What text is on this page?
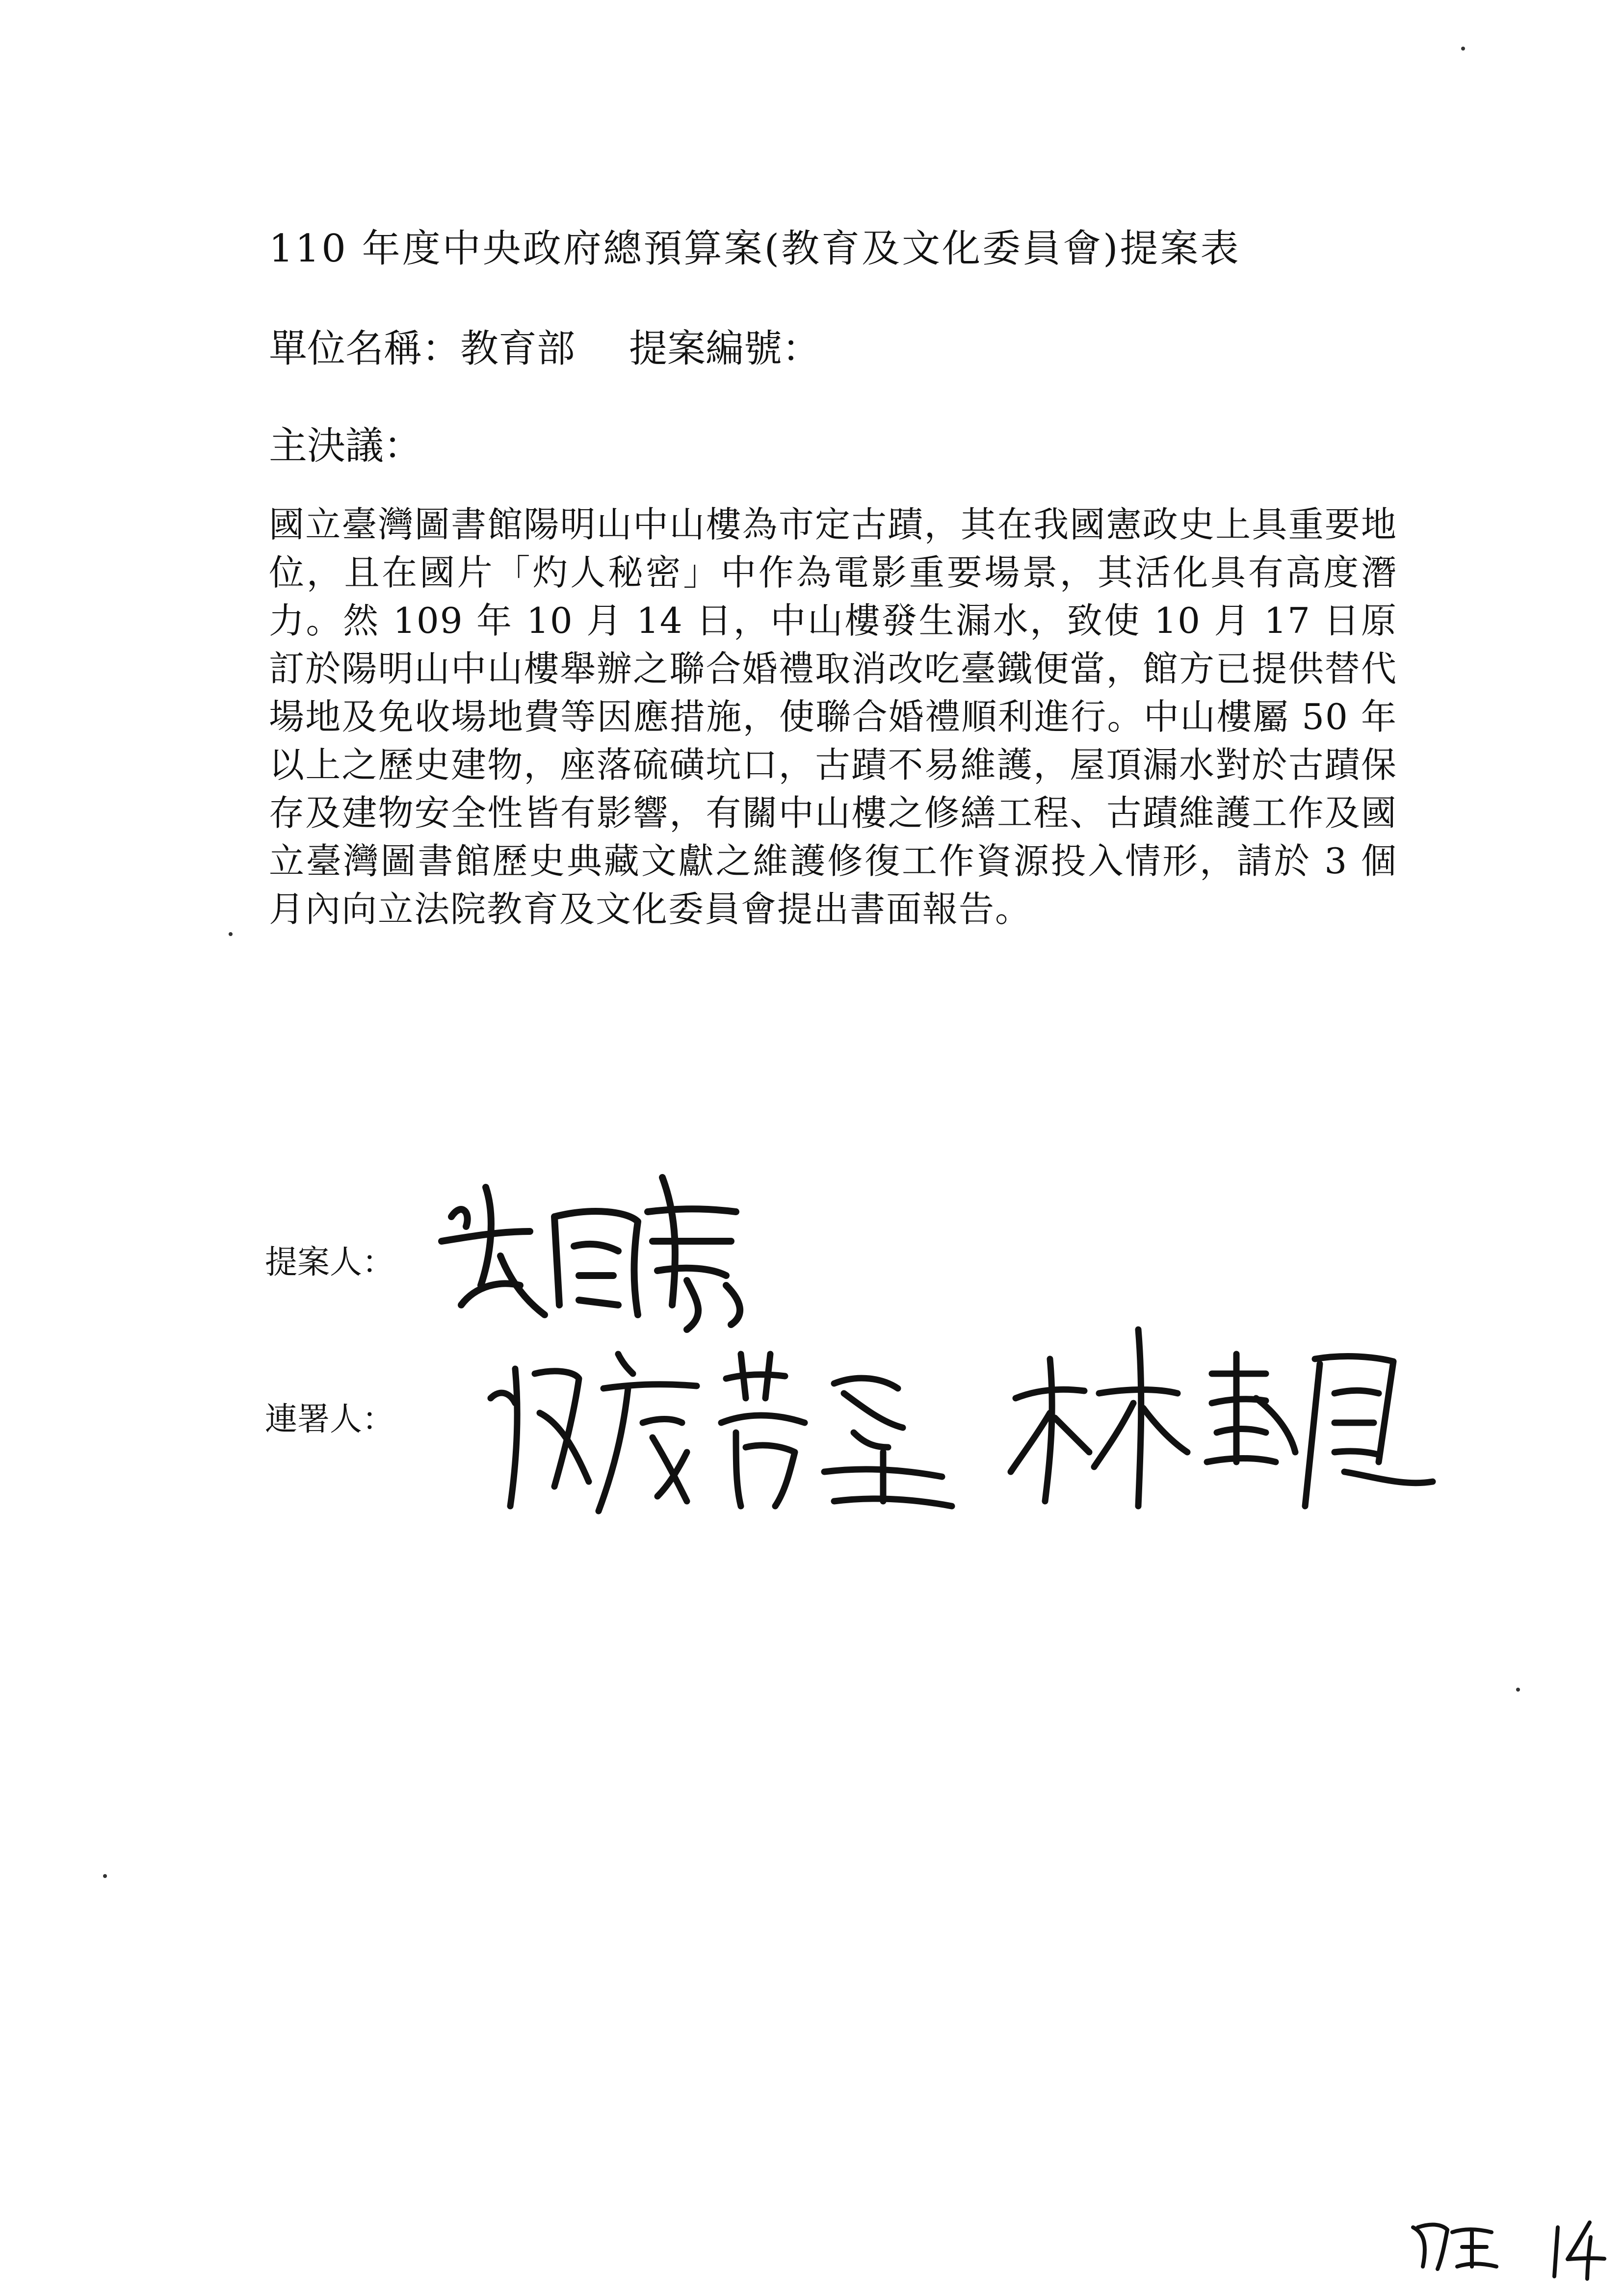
110 年度中央政府總預算案(教育及文化委員會)提案表
單位名稱：教育部 提案編號：
主決議：
國立臺灣圖書館陽明山中山樓為市定古蹟，其在我國憲政史上具重要地位，且在國片「灼人秘密」中作為電影重要場景，其活化具有高度潛力。然 109 年 10 月 14 日，中山樓發生漏水，致使 10 月 17 日原訂於陽明山中山樓舉辦之聯合婚禮取消改吃臺鐵便當，館方已提供替代場地及免收場地費等因應措施，使聯合婚禮順利進行。中山樓屬 50 年以上之歷史建物，座落硫磺坑口，古蹟不易維護，屋頂漏水對於古蹟保存及建物安全性皆有影響，有關中山樓之修繕工程、古蹟維護工作及國立臺灣圖書館歷史典藏文獻之維護修復工作資源投入情形，請於 3 個月內向立法院教育及文化委員會提出書面報告。
提案人：
連署人：
